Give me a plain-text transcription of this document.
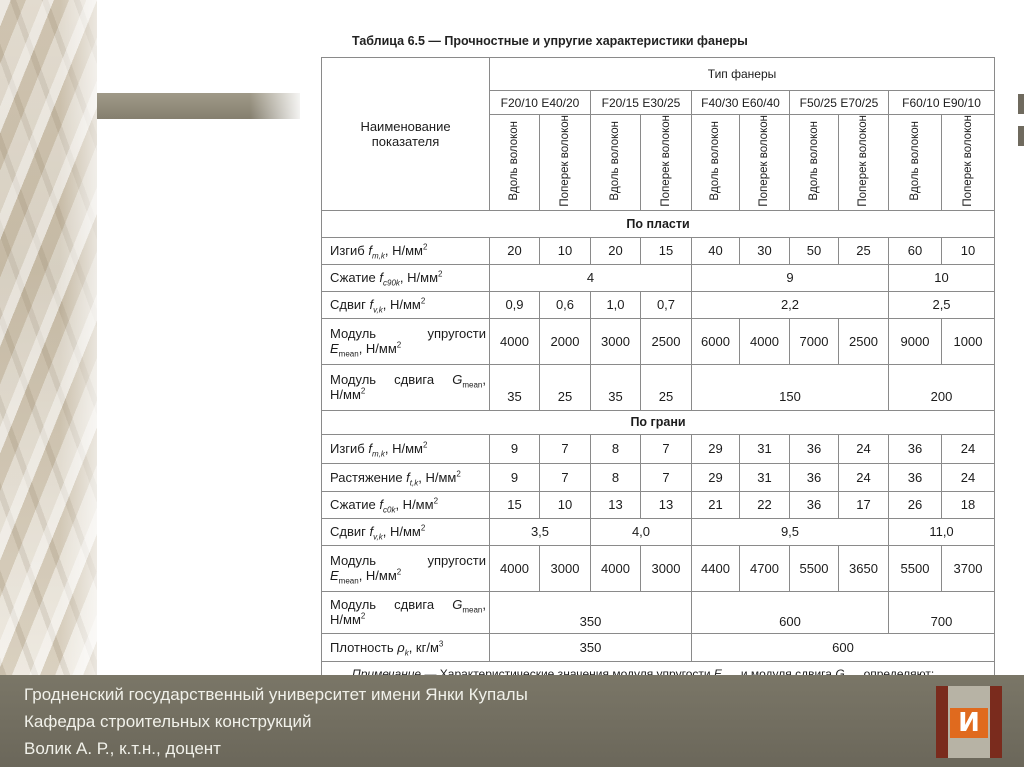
Таблица 6.5 — Прочностные и упругие характеристики фанеры
Наименование показателя	Тип фанеры									
	F20/10 E40/20		F20/15 E30/25		F40/30 E60/40		F50/25 E70/25		F60/10 E90/10	
	Вдоль волокон	Поперек волокон	Вдоль волокон	Поперек волокон	Вдоль волокон	Поперек волокон	Вдоль волокон	Поперек волокон	Вдоль волокон	Поперек волокон
По пласти										
Изгиб $f_{m,k}$, $Н/мм^2$	20	10	20	15	40	30	50	25	60	10
Сжатие $f_{c90k}$, $Н/мм^2$	4				9				10	
Сдвиг $f_{v,k}$, $Н/мм^2$	0,9	0,6	1,0	0,7	2,2				2,5	

Модуль упругости
$E_{mean}$, $Н/мм^2$	4000	2000	3000	2500	6000	4000	7000	2500	9000	1000

Модуль сдвига $G_{mean}$,
$Н/мм^2$	35	25	35	25	150				200	
По грани										
Изгиб $f_{m,k}$, $Н/мм^2$	9	7	8	7	29	31	36	24	36	24
Растяжение $f_{t,k}$, $Н/мм^2$	9	7	8	7	29	31	36	24	36	24
Сжатие $f_{c0k}$, $Н/мм^2$	15	10	13	13	21	22	36	17	26	18
Сдвиг $f_{v,k}$, $Н/мм^2$	3,5		4,0		9,5				11,0	

Модуль упругости
$E_{mean}$, $Н/мм^2$	4000	3000	4000	3000	4400	4700	5500	3650	5500	3700

Модуль сдвига $G_{mean}$,
$Н/мм^2$	350				600				700	
Плотность $\rho_k$, $кг/м^3$	350				600					

Гродненский государственный университет имени Янки Купалы
Кафедра строительных конструкций
Волик А. Р., к.т.н., доцент
И
